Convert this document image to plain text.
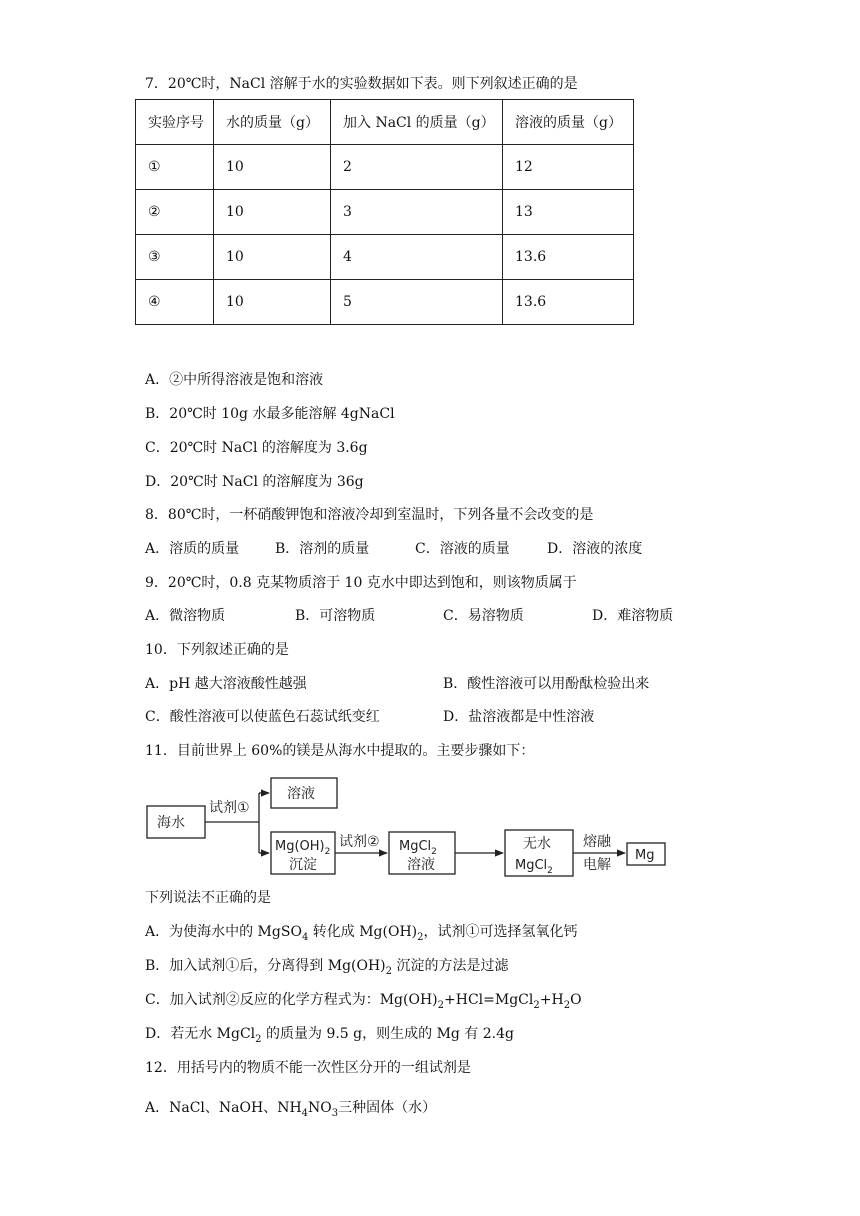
7．20℃时，NaCl 溶解于水的实验数据如下表。则下列叙述正确的是
实验序号	水的质量（g）	加入 NaCl 的质量（g）	溶液的质量（g）
①	10	2	12
②	10	3	13
③	10	4	13.6
④	10	5	13.6
A．②中所得溶液是饱和溶液
B．20℃时 10g 水最多能溶解 4gNaCl
C．20℃时 NaCl 的溶解度为 3.6g
D．20℃时 NaCl 的溶解度为 36g
8．80℃时，一杯硝酸钾饱和溶液冷却到室温时，下列各量不会改变的是
A．溶质的质量	B．溶剂的质量	C．溶液的质量	D．溶液的浓度
9．20℃时，0.8 克某物质溶于 10 克水中即达到饱和，则该物质属于
A．微溶物质	B．可溶物质	C．易溶物质	D．难溶物质
10．下列叙述正确的是
A．pH 越大溶液酸性越强	B．酸性溶液可以用酚酞检验出来
C．酸性溶液可以使蓝色石蕊试纸变红	D．盐溶液都是中性溶液
11．目前世界上 60%的镁是从海水中提取的。主要步骤如下：
海水
试剂①
溶液
$Mg(OH)_2$
沉淀
试剂② MgCl$_2$
溶液
无水
MgCl$_2$
熔融
电解
Mg
下列说法不正确的是
A．为使海水中的 MgSO$_4$ 转化成 $Mg(OH)_2$，试剂①可选择氢氧化钙
B．加入试剂①后，分离得到 $Mg(OH)_2$ 沉淀的方法是过滤
C．加入试剂②反应的化学方程式为：$Mg(OH)_2+HCl=MgCl_2+H_2O$
D．若无水 MgCl$_2$ 的质量为 9.5 g，则生成的 Mg 有 2.4g
12．用括号内的物质不能一次性区分开的一组试剂是
A．NaCl、NaOH、$NH_4NO_3$三种固体（水）
